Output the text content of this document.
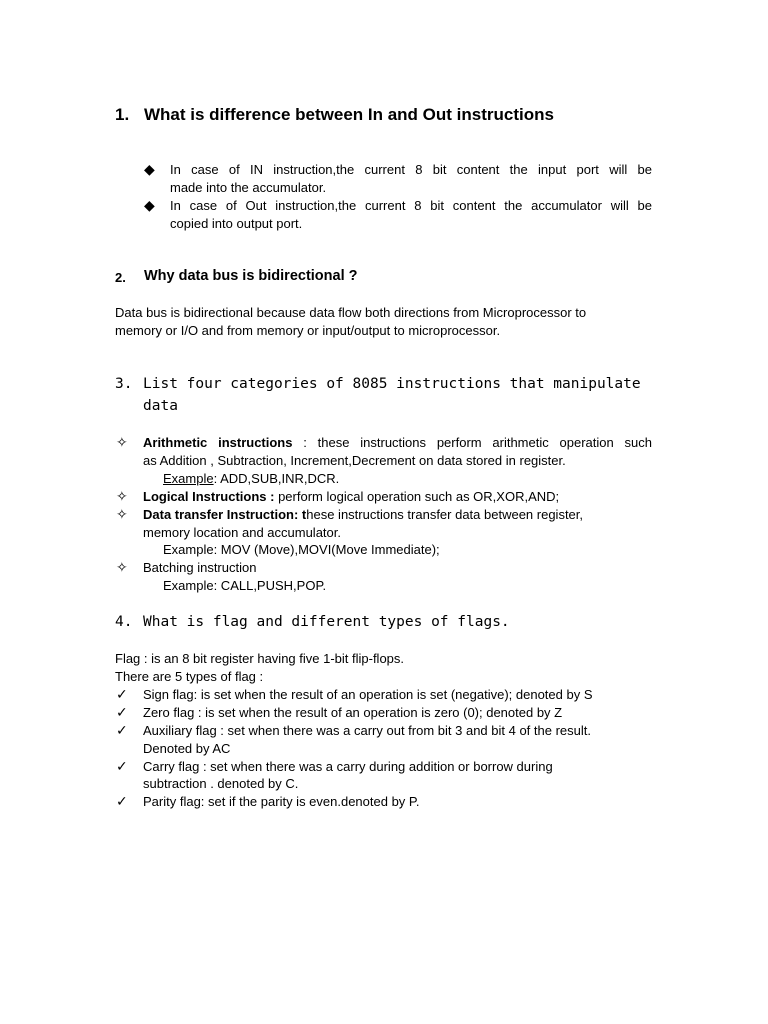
1. What is difference between In and Out instructions
◆ In case of IN instruction,the current 8 bit content the input port will be
made into the accumulator.
◆ In case of Out instruction,the current 8 bit content the accumulator will be
copied into output port.
2. Why data bus is bidirectional ?
Data bus is bidirectional because data flow both directions from Microprocessor to
memory or I/O and from memory or input/output to microprocessor.
3. List four categories of 8085 instructions that manipulate
data
✧ Arithmetic instructions : these instructions perform arithmetic operation such
as Addition , Subtraction, Increment,Decrement on data stored in register.
Example: ADD,SUB,INR,DCR.
✧ Logical Instructions : perform logical operation such as OR,XOR,AND;
✧ Data transfer Instruction: these instructions transfer data between register,
memory location and accumulator.
Example: MOV (Move),MOVI(Move Immediate);
✧ Batching instruction
Example: CALL,PUSH,POP.
4. What is flag and different types of flags.
Flag : is an 8 bit register having five 1-bit flip-flops.
There are 5 types of flag :
✓ Sign flag: is set when the result of an operation is set (negative); denoted by S
✓ Zero flag : is set when the result of an operation is zero (0); denoted by Z
✓ Auxiliary flag : set when there was a carry out from bit 3 and bit 4 of the result.
Denoted by AC
✓ Carry flag : set when there was a carry during addition or borrow during
subtraction . denoted by C.
✓ Parity flag: set if the parity is even.denoted by P.
